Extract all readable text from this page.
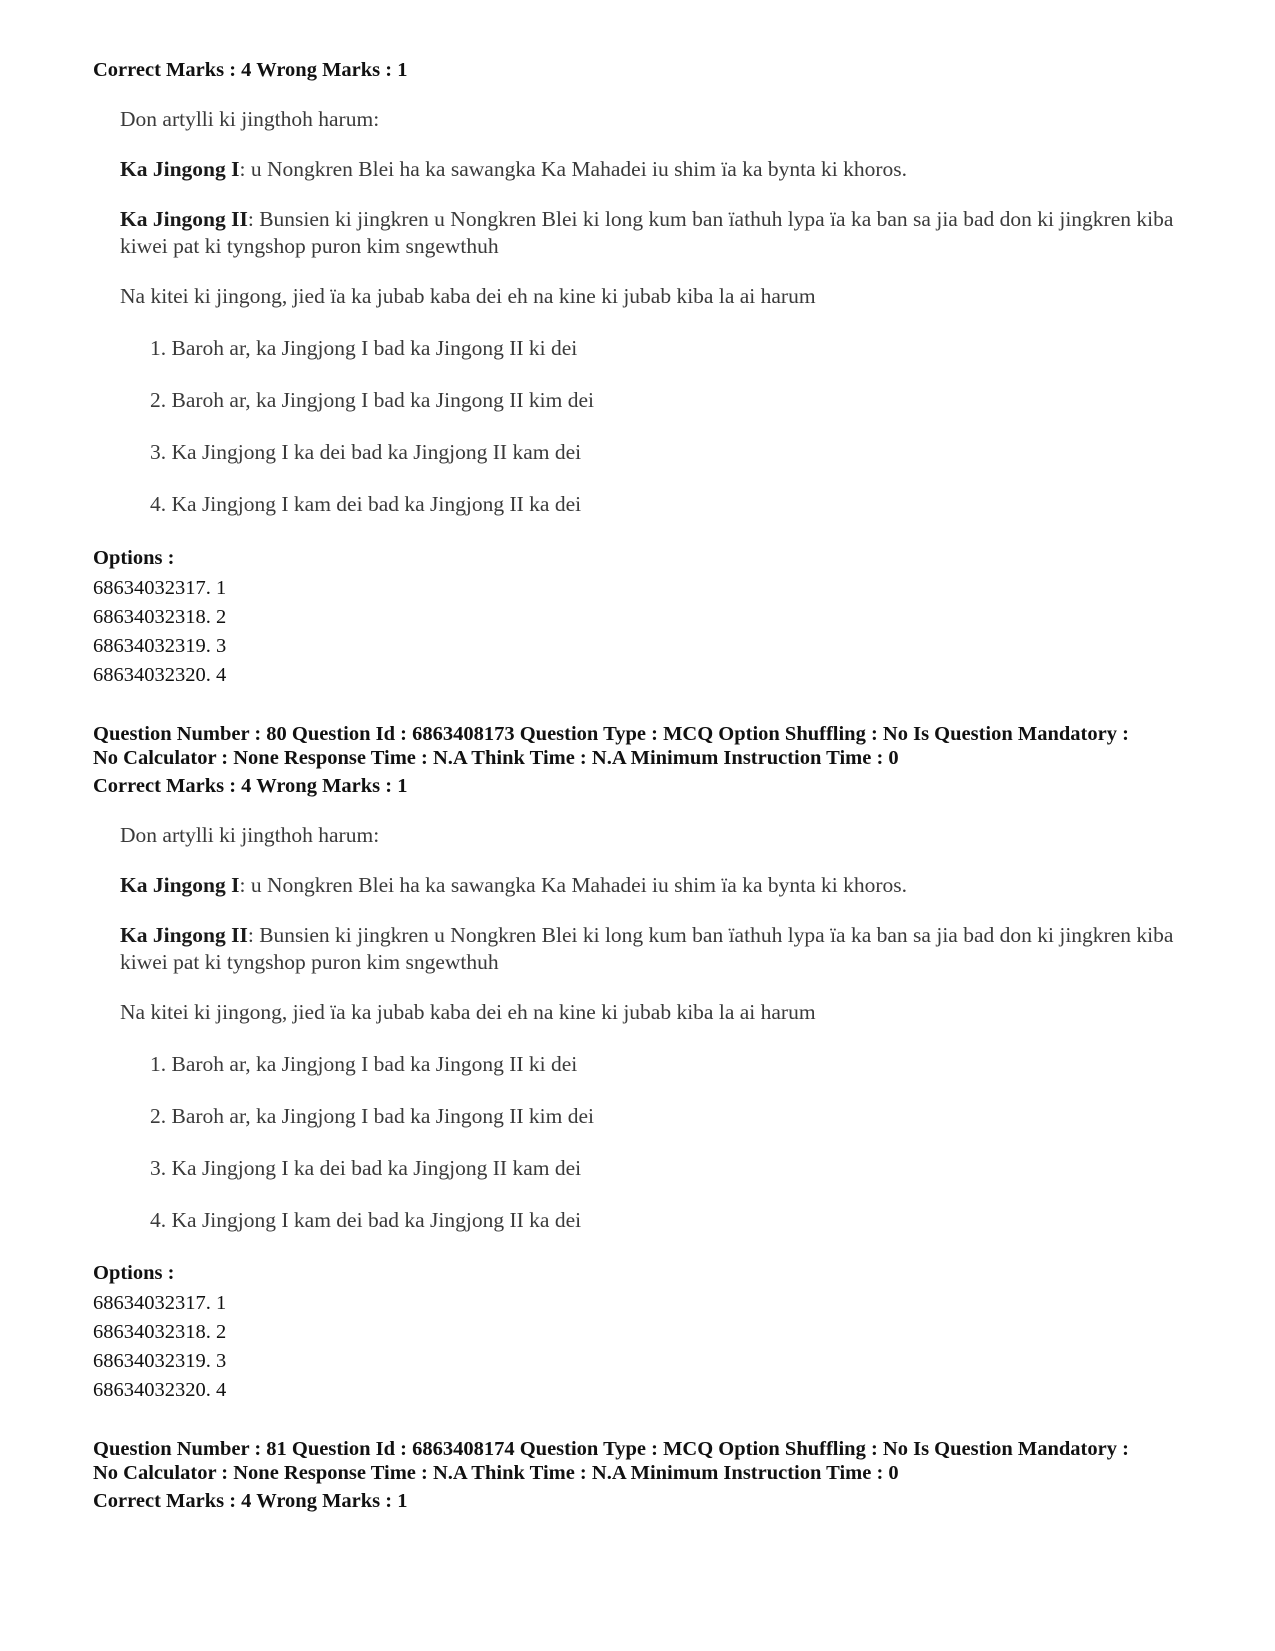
Correct Marks : 4 Wrong Marks : 1

Don artylli ki jingthoh harum:

Ka Jingong I: u Nongkren Blei ha ka sawangka Ka Mahadei iu shim ïa ka bynta ki khoros.

Ka Jingong II: Bunsien ki jingkren u Nongkren Blei ki long kum ban ïathuh lypa ïa ka ban sa jia bad don ki jingkren kiba kiwei pat ki tyngshop puron kim sngewthuh

Na kitei ki jingong, jied ïa ka jubab kaba dei eh na kine ki jubab kiba la ai harum

1. Baroh ar, ka Jingjong I bad ka Jingong II ki dei

2. Baroh ar, ka Jingjong I bad ka Jingong II kim dei

3. Ka Jingjong I ka dei bad ka Jingjong II kam dei

4. Ka Jingjong I kam dei bad ka Jingjong II ka dei

Options :

68634032317. 1
68634032318. 2
68634032319. 3
68634032320. 4

Question Number : 80 Question Id : 6863408173 Question Type : MCQ Option Shuffling : No Is Question Mandatory :

No Calculator : None Response Time : N.A Think Time : N.A Minimum Instruction Time : 0

Correct Marks : 4 Wrong Marks : 1

Don artylli ki jingthoh harum:

Ka Jingong I: u Nongkren Blei ha ka sawangka Ka Mahadei iu shim ïa ka bynta ki khoros.

Ka Jingong II: Bunsien ki jingkren u Nongkren Blei ki long kum ban ïathuh lypa ïa ka ban sa jia bad don ki jingkren kiba kiwei pat ki tyngshop puron kim sngewthuh

Na kitei ki jingong, jied ïa ka jubab kaba dei eh na kine ki jubab kiba la ai harum

1. Baroh ar, ka Jingjong I bad ka Jingong II ki dei

2. Baroh ar, ka Jingjong I bad ka Jingong II kim dei

3. Ka Jingjong I ka dei bad ka Jingjong II kam dei

4. Ka Jingjong I kam dei bad ka Jingjong II ka dei

Options :

68634032317. 1
68634032318. 2
68634032319. 3
68634032320. 4

Question Number : 81 Question Id : 6863408174 Question Type : MCQ Option Shuffling : No Is Question Mandatory :

No Calculator : None Response Time : N.A Think Time : N.A Minimum Instruction Time : 0

Correct Marks : 4 Wrong Marks : 1
